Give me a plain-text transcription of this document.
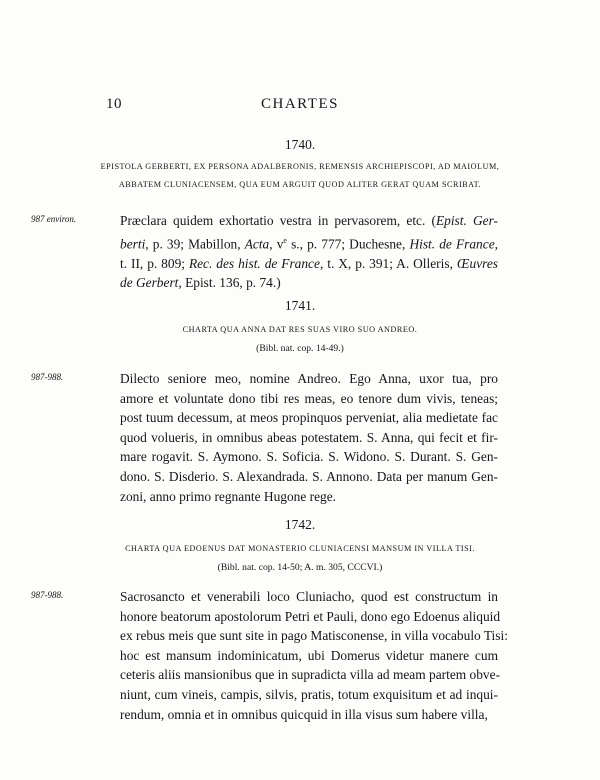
10	CHARTES

1740.

EPISTOLA GERBERTI, EX PERSONA ADALBERONIS, REMENSIS ARCHIEPISCOPI, AD MAIOLUM,
ABBATEM CLUNIACENSEM, QUA EUM ARGUIT QUOD ALITER GERAT QUAM SCRIBAT.

987 environ.	Præclara quidem exhortatio vestra in pervasorem, etc. (Epist. Ger-
berti, p. 39; Mabillon, Acta, $v^e$ s., p. 777; Duchesne, Hist. de France,
t. II, p. 809; Rec. des hist. de France, t. X, p. 391; A. Olleris, Œuvres
de Gerbert, Epist. 136, p. 74.)

1741.

CHARTA QUA ANNA DAT RES SUAS VIRO SUO ANDREO.

(Bibl. nat. cop. 14-49.)

987-988.	Dilecto seniore meo, nomine Andreo. Ego Anna, uxor tua, pro
amore et voluntate dono tibi res meas, eo tenore dum vivis, teneas;
post tuum decessum, at meos propinquos perveniat, alia medietate fac
quod volueris, in omnibus abeas potestatem. S. Anna, qui fecit et fir-
mare rogavit. S. Aymono. S. Soficia. S. Widono. S. Durant. S. Gen-
dono. S. Disderio. S. Alexandrada. S. Annono. Data per manum Gen-
zoni, anno primo regnante Hugone rege.

1742.

CHARTA QUA EDOENUS DAT MONASTERIO CLUNIACENSI MANSUM IN VILLA TISI.

(Bibl. nat. cop. 14-50; A. m. 305, CCCVI.)

987-988.	Sacrosancto et venerabili loco Cluniacho, quod est constructum in
honore beatorum apostolorum Petri et Pauli, dono ego Edoenus aliquid
ex rebus meis que sunt site in pago Matisconense, in villa vocabulo Tisi:
hoc est mansum indominicatum, ubi Domerus videtur manere cum
ceteris aliis mansionibus que in supradicta villa ad meam partem obve-
niunt, cum vineis, campis, silvis, pratis, totum exquisitum et ad inqui-
rendum, omnia et in omnibus quicquid in illa visus sum habere villa,
